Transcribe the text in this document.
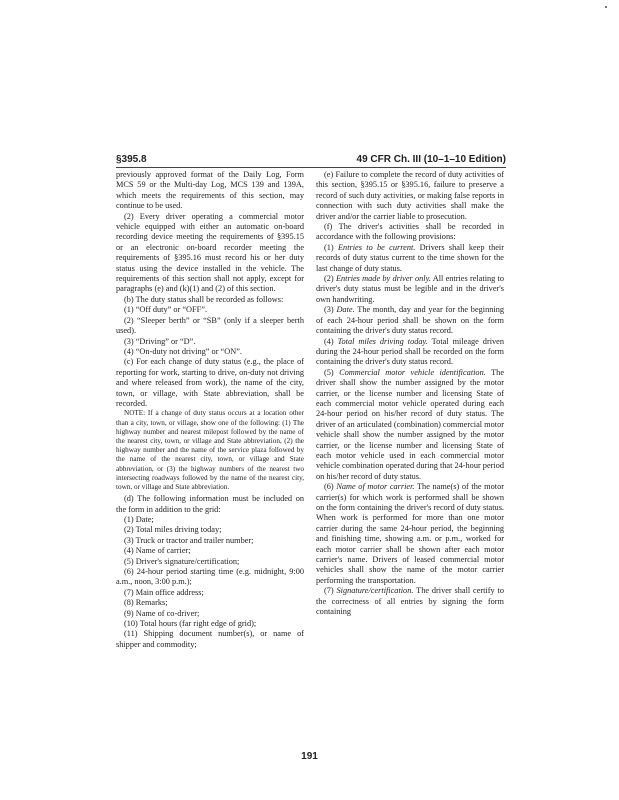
§395.8	49 CFR Ch. III (10–1–10 Edition)

previously approved format of the Daily Log, Form MCS 59 or the Multi-day Log, MCS 139 and 139A, which meets the requirements of this section, may continue to be used.

(2) Every driver operating a commercial motor vehicle equipped with either an automatic on-board recording device meeting the requirements of §395.15 or an electronic on-board recorder meeting the requirements of §395.16 must record his or her duty status using the device installed in the vehicle. The requirements of this section shall not apply, except for paragraphs (e) and (k)(1) and (2) of this section.

(b) The duty status shall be recorded as follows:

(1) “Off duty” or “OFF”.

(2) “Sleeper berth” or “SB” (only if a sleeper berth used).

(3) “Driving” or “D”.

(4) “On-duty not driving” or “ON”.

(c) For each change of duty status (e.g., the place of reporting for work, starting to drive, on-duty not driving and where released from work), the name of the city, town, or village, with State abbreviation, shall be recorded.

NOTE: If a change of duty status occurs at a location other than a city, town, or village, show one of the following: (1) The highway number and nearest milepost followed by the name of the nearest city, town, or village and State abbreviation, (2) the highway number and the name of the service plaza followed by the name of the nearest city, town, or village and State abbreviation, or (3) the highway numbers of the nearest two intersecting roadways followed by the name of the nearest city, town, or village and State abbreviation.

(d) The following information must be included on the form in addition to the grid:

(1) Date;

(2) Total miles driving today;

(3) Truck or tractor and trailer number;

(4) Name of carrier;

(5) Driver's signature/certification;

(6) 24-hour period starting time (e.g. midnight, 9:00 a.m., noon, 3:00 p.m.);

(7) Main office address;

(8) Remarks;

(9) Name of co-driver;

(10) Total hours (far right edge of grid);

(11) Shipping document number(s), or name of shipper and commodity;

(e) Failure to complete the record of duty activities of this section, §395.15 or §395.16, failure to preserve a record of such duty activities, or making false reports in connection with such duty activities shall make the driver and/or the carrier liable to prosecution.

(f) The driver's activities shall be recorded in accordance with the following provisions:

(1) Entries to be current. Drivers shall keep their records of duty status current to the time shown for the last change of duty status.

(2) Entries made by driver only. All entries relating to driver's duty status must be legible and in the driver's own handwriting.

(3) Date. The month, day and year for the beginning of each 24-hour period shall be shown on the form containing the driver's duty status record.

(4) Total miles driving today. Total mileage driven during the 24-hour period shall be recorded on the form containing the driver's duty status record.

(5) Commercial motor vehicle identification. The driver shall show the number assigned by the motor carrier, or the license number and licensing State of each commercial motor vehicle operated during each 24-hour period on his/her record of duty status. The driver of an articulated (combination) commercial motor vehicle shall show the number assigned by the motor carrier, or the license number and licensing State of each motor vehicle used in each commercial motor vehicle combination operated during that 24-hour period on his/her record of duty status.

(6) Name of motor carrier. The name(s) of the motor carrier(s) for which work is performed shall be shown on the form containing the driver's record of duty status. When work is performed for more than one motor carrier during the same 24-hour period, the beginning and finishing time, showing a.m. or p.m., worked for each motor carrier shall be shown after each motor carrier's name. Drivers of leased commercial motor vehicles shall show the name of the motor carrier performing the transportation.

(7) Signature/certification. The driver shall certify to the correctness of all entries by signing the form containing

191
